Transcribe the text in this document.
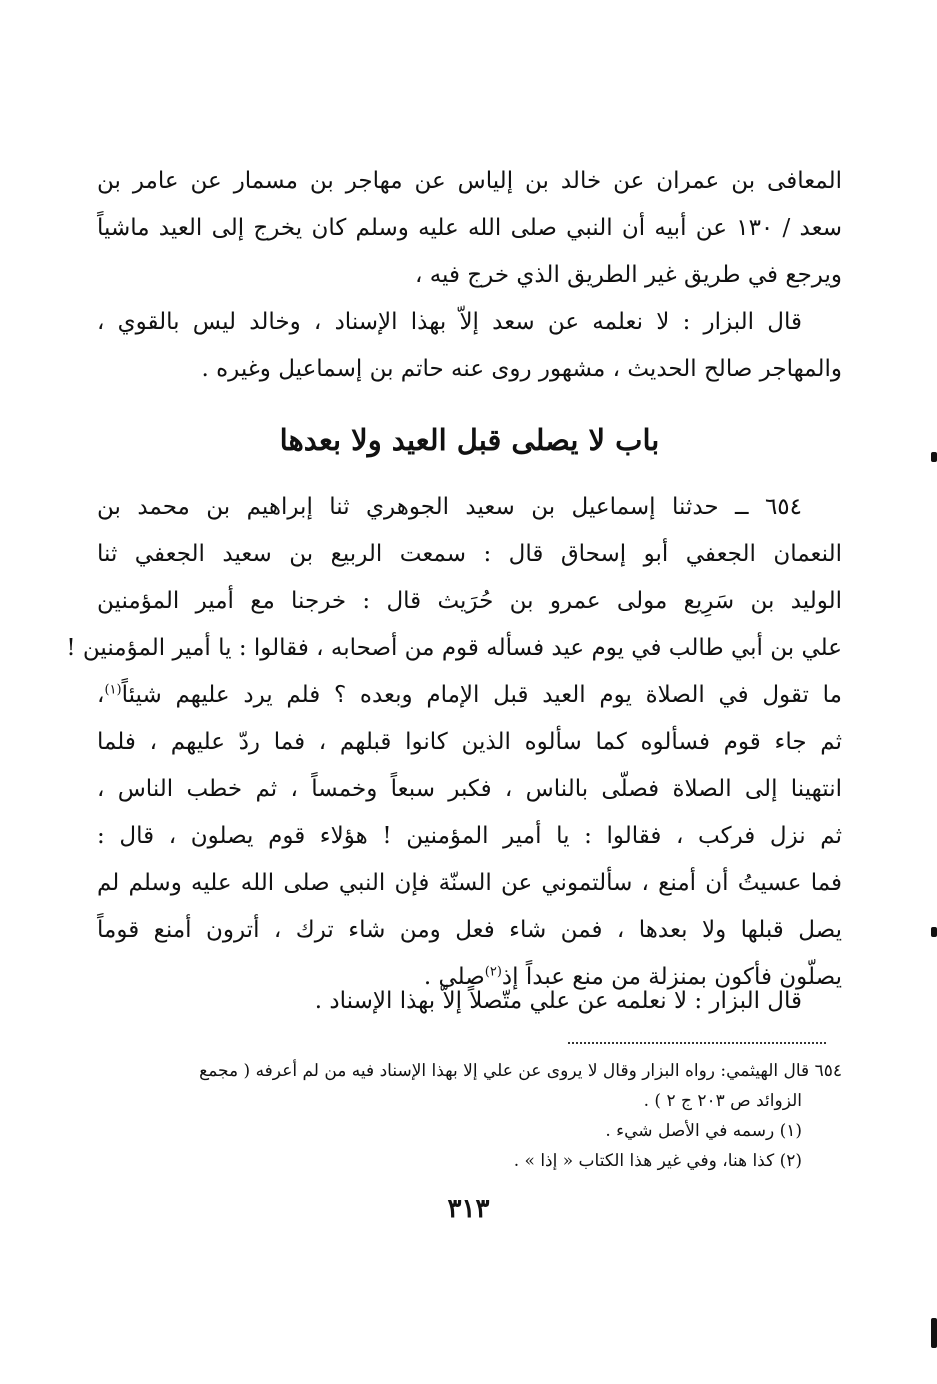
المعافى بن عمران عن خالد بن إلياس عن مهاجر بن مسمار عن عامر بن
سعد / ١٣٠ عن أبيه أن النبي صلى الله عليه وسلم كان يخرج إلى العيد ماشياً
ويرجع في طريق غير الطريق الذي خرج فيه ،
قال البزار : لا نعلمه عن سعد إلاّ بهذا الإسناد ، وخالد ليس بالقوي ،
والمهاجر صالح الحديث ، مشهور روى عنه حاتم بن إسماعيل وغيره .
باب لا يصلى قبل العيد ولا بعدها
٦٥٤ ــ حدثنا إسماعيل بن سعيد الجوهري ثنا إبراهيم بن محمد بن
النعمان الجعفي أبو إسحاق قال : سمعت الربيع بن سعيد الجعفي ثنا
الوليد بن سَرِيع مولى عمرو بن حُرَيث قال : خرجنا مع أمير المؤمنين
علي بن أبي طالب في يوم عيد فسأله قوم من أصحابه ، فقالوا : يا أمير المؤمنين !
ما تقول في الصلاة يوم العيد قبل الإمام وبعده ؟ فلم يرد عليهم شيئاً$^{(١)}$،
ثم جاء قوم فسألوه كما سألوه الذين كانوا قبلهم ، فما ردّ عليهم ، فلما
انتهينا إلى الصلاة فصلّى بالناس ، فكبر سبعاً وخمساً ، ثم خطب الناس ،
ثم نزل فركب ، فقالوا : يا أمير المؤمنين ! هؤلاء قوم يصلون ، قال :
فما عسيتُ أن أمنع ، سألتموني عن السنّة فإن النبي صلى الله عليه وسلم لم
يصل قبلها ولا بعدها ، فمن شاء فعل ومن شاء ترك ، أترون أمنع قوماً
يصلّون فأكون بمنزلة من منع عبداً إذ$^{(٢)}$صلى .
قال البزار : لا نعلمه عن علي متّصلاً إلاّ بهذا الإسناد .
٦٥٤ قال الهيثمي: رواه البزار وقال لا يروى عن علي إلا بهذا الإسناد فيه من لم أعرفه ( مجمع
الزوائد ص ٢٠٣ ج ٢ ) .
(١) رسمه في الأصل شيء .
(٢) كذا هنا، وفي غير هذا الكتاب « إذا » .
٣١٣
